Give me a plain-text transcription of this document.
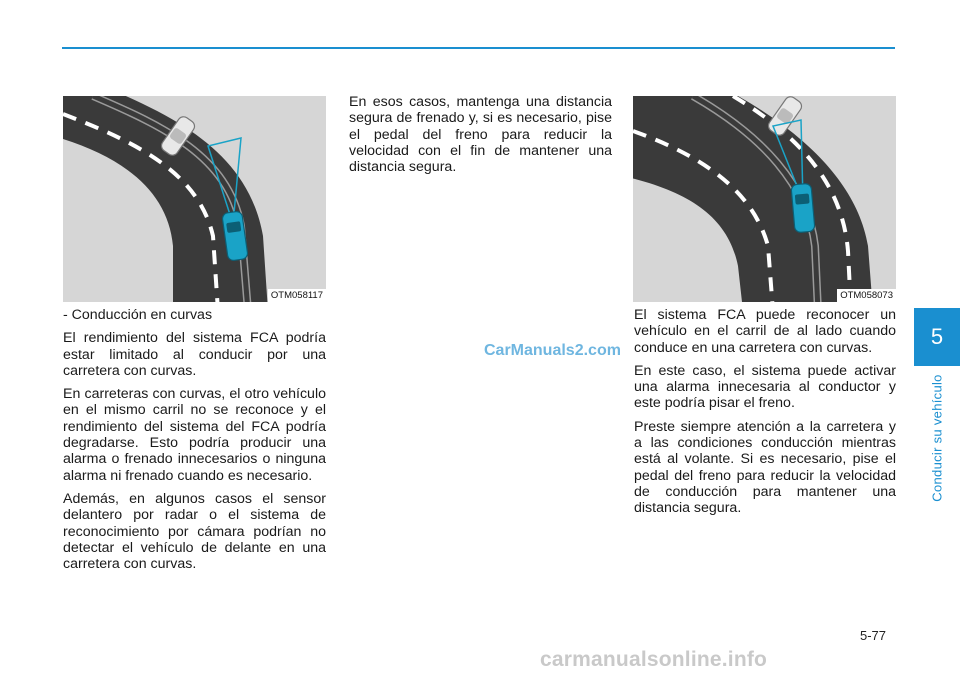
5
Conducir su vehículo
OTM058117	OTM058073

- Conducción en curvas

El rendimiento del sistema FCA podría estar limitado al conducir por una carretera con curvas.

En carreteras con curvas, el otro vehículo en el mismo carril no se reconoce y el rendimiento del sistema del FCA podría degradarse. Esto podría producir una alarma o frenado innecesarios o ninguna alarma ni frenado cuando es necesario.

Además, en algunos casos el sensor delantero por radar o el sistema de reconocimiento por cámara podrían no detectar el vehículo de delante en una carretera con curvas.

En esos casos, mantenga una distancia segura de frenado y, si es necesario, pise el pedal del freno para reducir la velocidad con el fin de mantener una distancia segura.

El sistema FCA puede reconocer un vehículo en el carril de al lado cuando conduce en una carretera con curvas.

En este caso, el sistema puede activar una alarma innecesaria al conductor y este podría pisar el freno.

Preste siempre atención a la carretera y a las condiciones conducción mientras está al volante. Si es necesario, pise el pedal del freno para reducir la velocidad de conducción para mantener una distancia segura.

CarManuals2.com
5-77
carmanualsonline.info
